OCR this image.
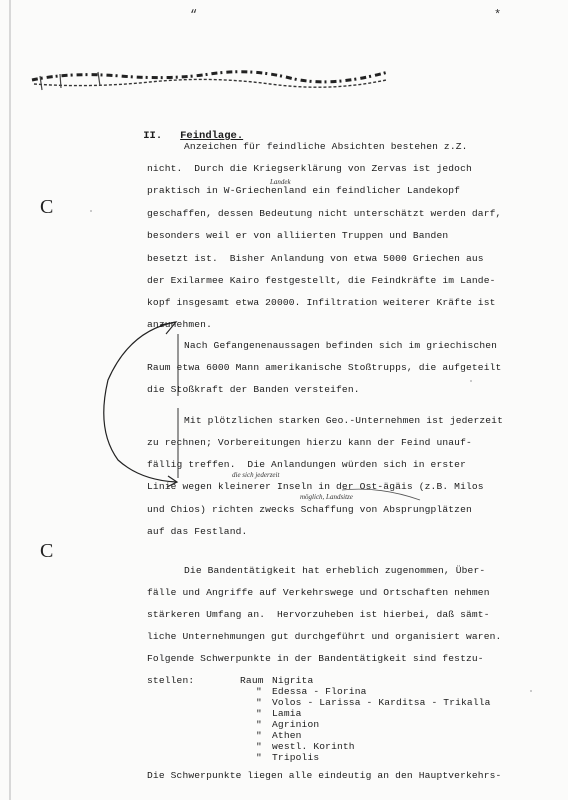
“	*

II. Feindlage.

Anzeichen für feindliche Absichten bestehen z.Z.
nicht.  Durch die Kriegserklärung von Zervas ist jedoch
Landek
praktisch in W-Griechenland ein feindlicher Landekopf
geschaffen, dessen Bedeutung nicht unterschätzt werden darf,
besonders weil er von alliierten Truppen und Banden
besetzt ist.  Bisher Anlandung von etwa 5000 Griechen aus
der Exilarmee Kairo festgestellt, die Feindkräfte im Lande-
kopf insgesamt etwa 20000. Infiltration weiterer Kräfte ist
anzunehmen.
Nach Gefangenenaussagen befinden sich im griechischen
Raum etwa 6000 Mann amerikanische Stoßtrupps, die aufgeteilt
die Stoßkraft der Banden versteifen.
Mit plötzlichen starken Geo.-Unternehmen ist jederzeit
zu rechnen; Vorbereitungen hierzu kann der Feind unauf-
fällig treffen.  Die Anlandungen würden sich in erster
die sich jederzeit
Linie wegen kleinerer Inseln in der Ost-ägäis (z.B. Milos
möglich, Landsitze
und Chios) richten zwecks Schaffung von Absprungplätzen
auf das Festland.
Die Bandentätigkeit hat erheblich zugenommen, Über-
fälle und Angriffe auf Verkehrswege und Ortschaften nehmen
stärkeren Umfang an.  Hervorzuheben ist hierbei, daß sämt-
liche Unternehmungen gut durchgeführt und organisiert waren.
Folgende Schwerpunkte in der Bandentätigkeit sind festzu-
stellen:	Raum Nigrita
" Edessa - Florina
" Volos - Larissa - Karditsa - Trikalla
" Lamia
" Agrinion
" Athen
" westl. Korinth
" Tripolis
Die Schwerpunkte liegen alle eindeutig an den Hauptverkehrs-
C
C
